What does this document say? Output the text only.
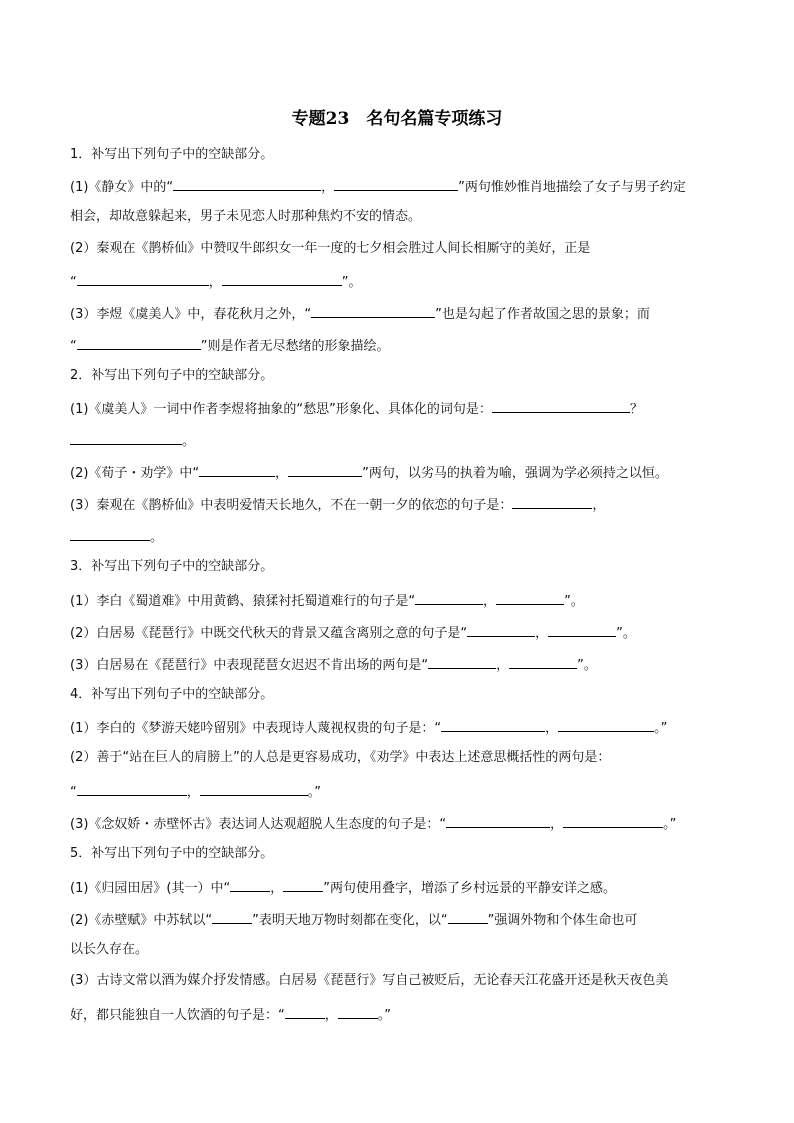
专题23　名句名篇专项练习
1．补写出下列句子中的空缺部分。
(1)《静女》中的“	，	”两句惟妙惟肖地描绘了女子与男子约定
相会，却故意躲起来，男子未见恋人时那种焦灼不安的情态。
(2）秦观在《鹊桥仙》中赞叹牛郎织女一年一度的七夕相会胜过人间长相厮守的美好，正是
“	，	”。
(3）李煜《虞美人》中，春花秋月之外，“	”也是勾起了作者故国之思的景象；而
“	”则是作者无尽愁绪的形象描绘。
2．补写出下列句子中的空缺部分。
(1)《虞美人》一词中作者李煜将抽象的“愁思”形象化、具体化的词句是：	？
。
(2)《荀子・劝学》中“	，	”两句，以劣马的执着为喻，强调为学必须持之以恒。
(3）秦观在《鹊桥仙》中表明爱情天长地久，不在一朝一夕的依恋的句子是：	，
。
3．补写出下列句子中的空缺部分。
(1）李白《蜀道难》中用黄鹤、猿猱衬托蜀道难行的句子是“	，	”。
(2）白居易《琵琶行》中既交代秋天的背景又蕴含离别之意的句子是“	，	”。
(3）白居易在《琵琶行》中表现琵琶女迟迟不肯出场的两句是“	，	”。
4．补写出下列句子中的空缺部分。
(1）李白的《梦游天姥吟留别》中表现诗人蔑视权贵的句子是：“	，	。”
(2）善于“站在巨人的肩膀上”的人总是更容易成功，《劝学》中表达上述意思概括性的两句是：
“	，	。”
(3)《念奴娇・赤壁怀古》表达词人达观超脱人生态度的句子是：“	，	。”
5．补写出下列句子中的空缺部分。
(1)《归园田居》(其一）中“	，	”两句使用叠字，增添了乡村远景的平静安详之感。
(2)《赤壁赋》中苏轼以“	”表明天地万物时刻都在变化，以“	”强调外物和个体生命也可
以长久存在。
(3）古诗文常以酒为媒介抒发情感。白居易《琵琶行》写自己被贬后，无论春天江花盛开还是秋天夜色美
好，都只能独自一人饮酒的句子是：“	，	。”
